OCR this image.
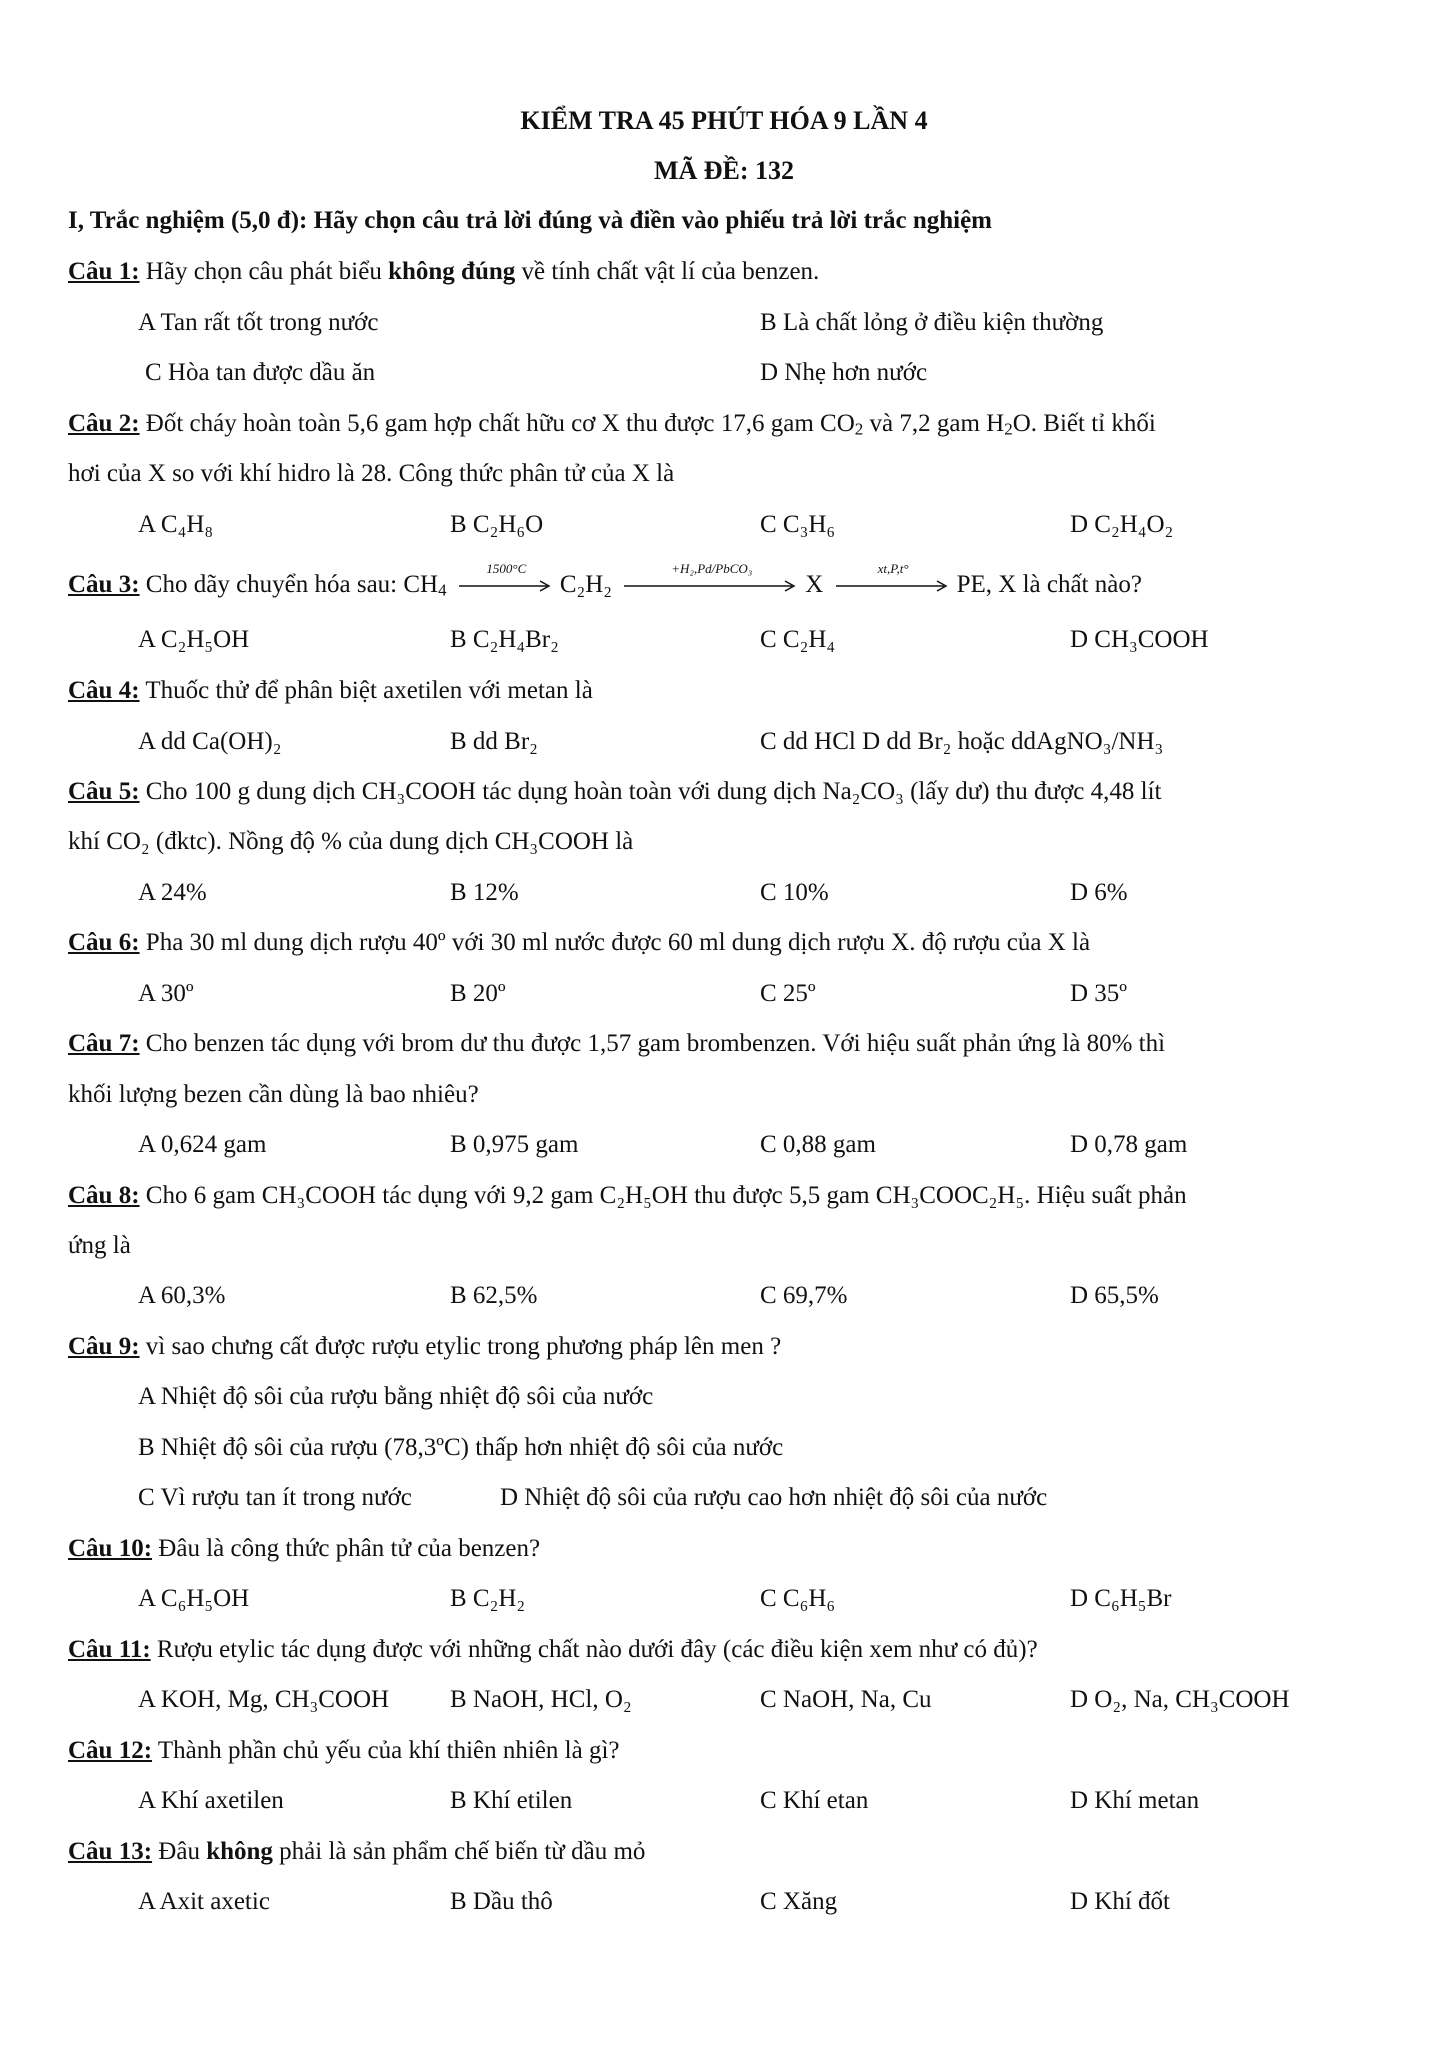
KIỂM TRA 45 PHÚT HÓA 9 LẦN 4
MÃ ĐỀ: 132
I, Trắc nghiệm (5,0 đ): Hãy chọn câu trả lời đúng và điền vào phiếu trả lời trắc nghiệm
Câu 1: Hãy chọn câu phát biểu không đúng về tính chất vật lí của benzen.
A Tan rất tốt trong nước	B Là chất lỏng ở điều kiện thường
C Hòa tan được dầu ăn	D Nhẹ hơn nước
Câu 2: Đốt cháy hoàn toàn 5,6 gam hợp chất hữu cơ X thu được 17,6 gam $CO_2$ và 7,2 gam $H_2O$. Biết tỉ khối
hơi của X so với khí hidro là 28. Công thức phân tử của X là
A C₄H₈	B C₂H₆O	C C₃H₆	D C₂H₄O₂
Câu 3: Cho dãy chuyển hóa sau: $CH_4$
1500°C
C₂H₂
+H₂,Pd/PbCO₃
X
xt,P,t°
PE, X là chất nào?
A C₂H₅OH	B C₂H₄Br₂	C C₂H₄	D CH₃COOH
Câu 4: Thuốc thử để phân biệt axetilen với metan là
A dd Ca(OH)₂	B dd Br₂	C dd HCl D dd Br₂ hoặc ddAgNO₃/NH₃
Câu 5: Cho 100 g dung dịch CH₃COOH tác dụng hoàn toàn với dung dịch Na₂CO₃ (lấy dư) thu được 4,48 lít
khí CO₂ (đktc). Nồng độ % của dung dịch CH₃COOH là
A 24%	B 12%	C 10%	D 6%
Câu 6: Pha 30 ml dung dịch rượu 40º với 30 ml nước được 60 ml dung dịch rượu X. độ rượu của X là
A 30º	B 20º	C 25º	D 35º
Câu 7: Cho benzen tác dụng với brom dư thu được 1,57 gam brombenzen. Với hiệu suất phản ứng là 80% thì
khối lượng bezen cần dùng là bao nhiêu?
A 0,624 gam	B 0,975 gam	C 0,88 gam	D 0,78 gam
Câu 8: Cho 6 gam CH₃COOH tác dụng với 9,2 gam C₂H₅OH thu được 5,5 gam CH₃COOC₂H₅. Hiệu suất phản
ứng là
A 60,3%	B 62,5%	C 69,7%	D 65,5%
Câu 9: vì sao chưng cất được rượu etylic trong phương pháp lên men ?
A Nhiệt độ sôi của rượu bằng nhiệt độ sôi của nước
B Nhiệt độ sôi của rượu (78,3ºC) thấp hơn nhiệt độ sôi của nước
C Vì rượu tan ít trong nước	D Nhiệt độ sôi của rượu cao hơn nhiệt độ sôi của nước
Câu 10: Đâu là công thức phân tử của benzen?
A C₆H₅OH	B C₂H₂	C C₆H₆	D C₆H₅Br
Câu 11: Rượu etylic tác dụng được với những chất nào dưới đây (các điều kiện xem như có đủ)?
A KOH, Mg, CH₃COOH B NaOH, HCl, O₂	C NaOH, Na, Cu	D O₂, Na, CH₃COOH
Câu 12: Thành phần chủ yếu của khí thiên nhiên là gì?
A Khí axetilen	B Khí etilen	C Khí etan	D Khí metan
Câu 13: Đâu không phải là sản phẩm chế biến từ dầu mỏ
A Axit axetic	B Dầu thô	C Xăng	D Khí đốt
